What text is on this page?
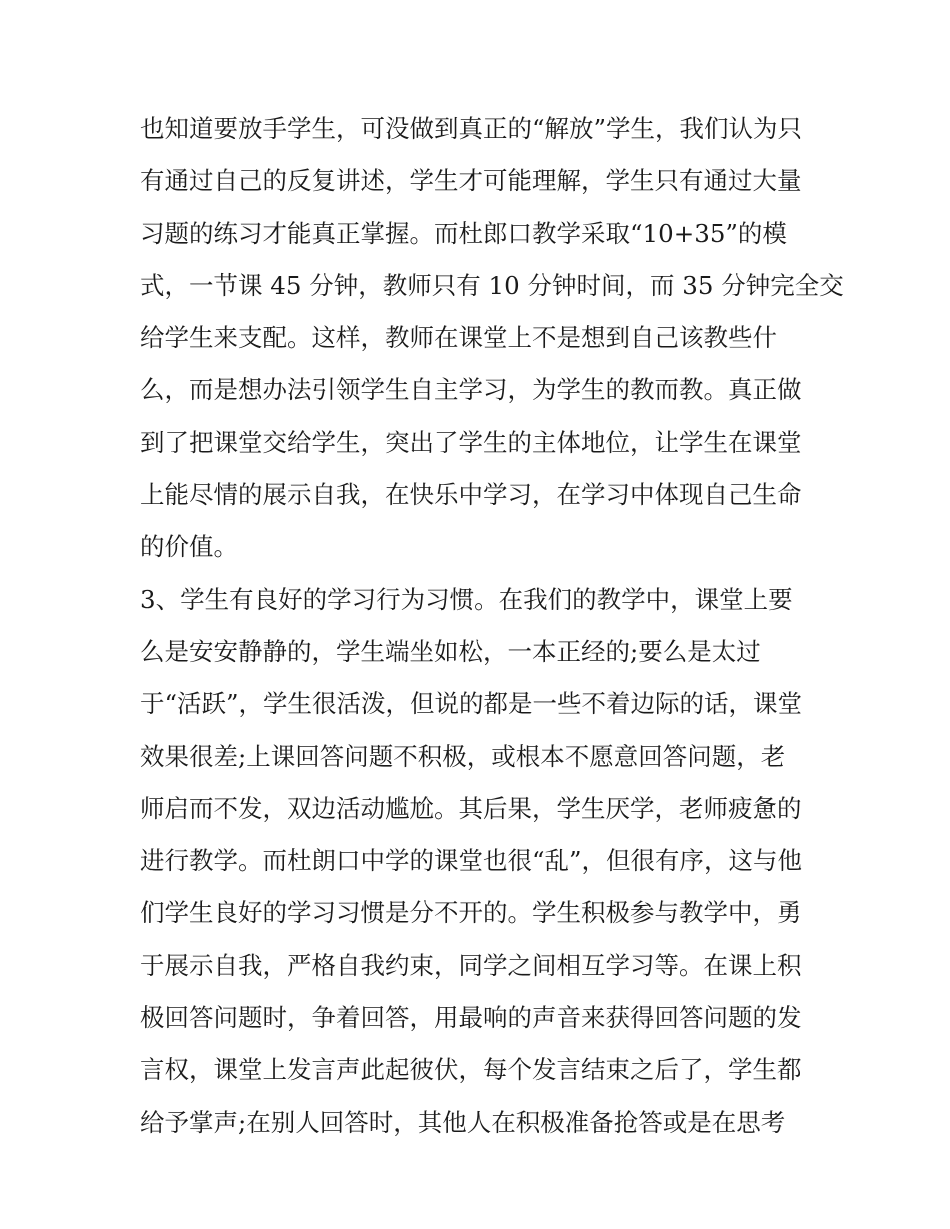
也知道要放手学生，可没做到真正的“解放”学生，我们认为只
有通过自己的反复讲述，学生才可能理解，学生只有通过大量
习题的练习才能真正掌握。而杜郎口教学采取“10+35”的模
式，一节课 45 分钟，教师只有 10 分钟时间，而 35 分钟完全交
给学生来支配。这样，教师在课堂上不是想到自己该教些什
么，而是想办法引领学生自主学习，为学生的教而教。真正做
到了把课堂交给学生，突出了学生的主体地位，让学生在课堂
上能尽情的展示自我，在快乐中学习，在学习中体现自己生命
的价值。
3、学生有良好的学习行为习惯。在我们的教学中，课堂上要
么是安安静静的，学生端坐如松，一本正经的;要么是太过
于“活跃”，学生很活泼，但说的都是一些不着边际的话，课堂
效果很差;上课回答问题不积极，或根本不愿意回答问题，老
师启而不发，双边活动尴尬。其后果，学生厌学，老师疲惫的
进行教学。而杜朗口中学的课堂也很“乱”，但很有序，这与他
们学生良好的学习习惯是分不开的。学生积极参与教学中，勇
于展示自我，严格自我约束，同学之间相互学习等。在课上积
极回答问题时，争着回答，用最响的声音来获得回答问题的发
言权，课堂上发言声此起彼伏，每个发言结束之后了，学生都
给予掌声;在别人回答时，其他人在积极准备抢答或是在思考
